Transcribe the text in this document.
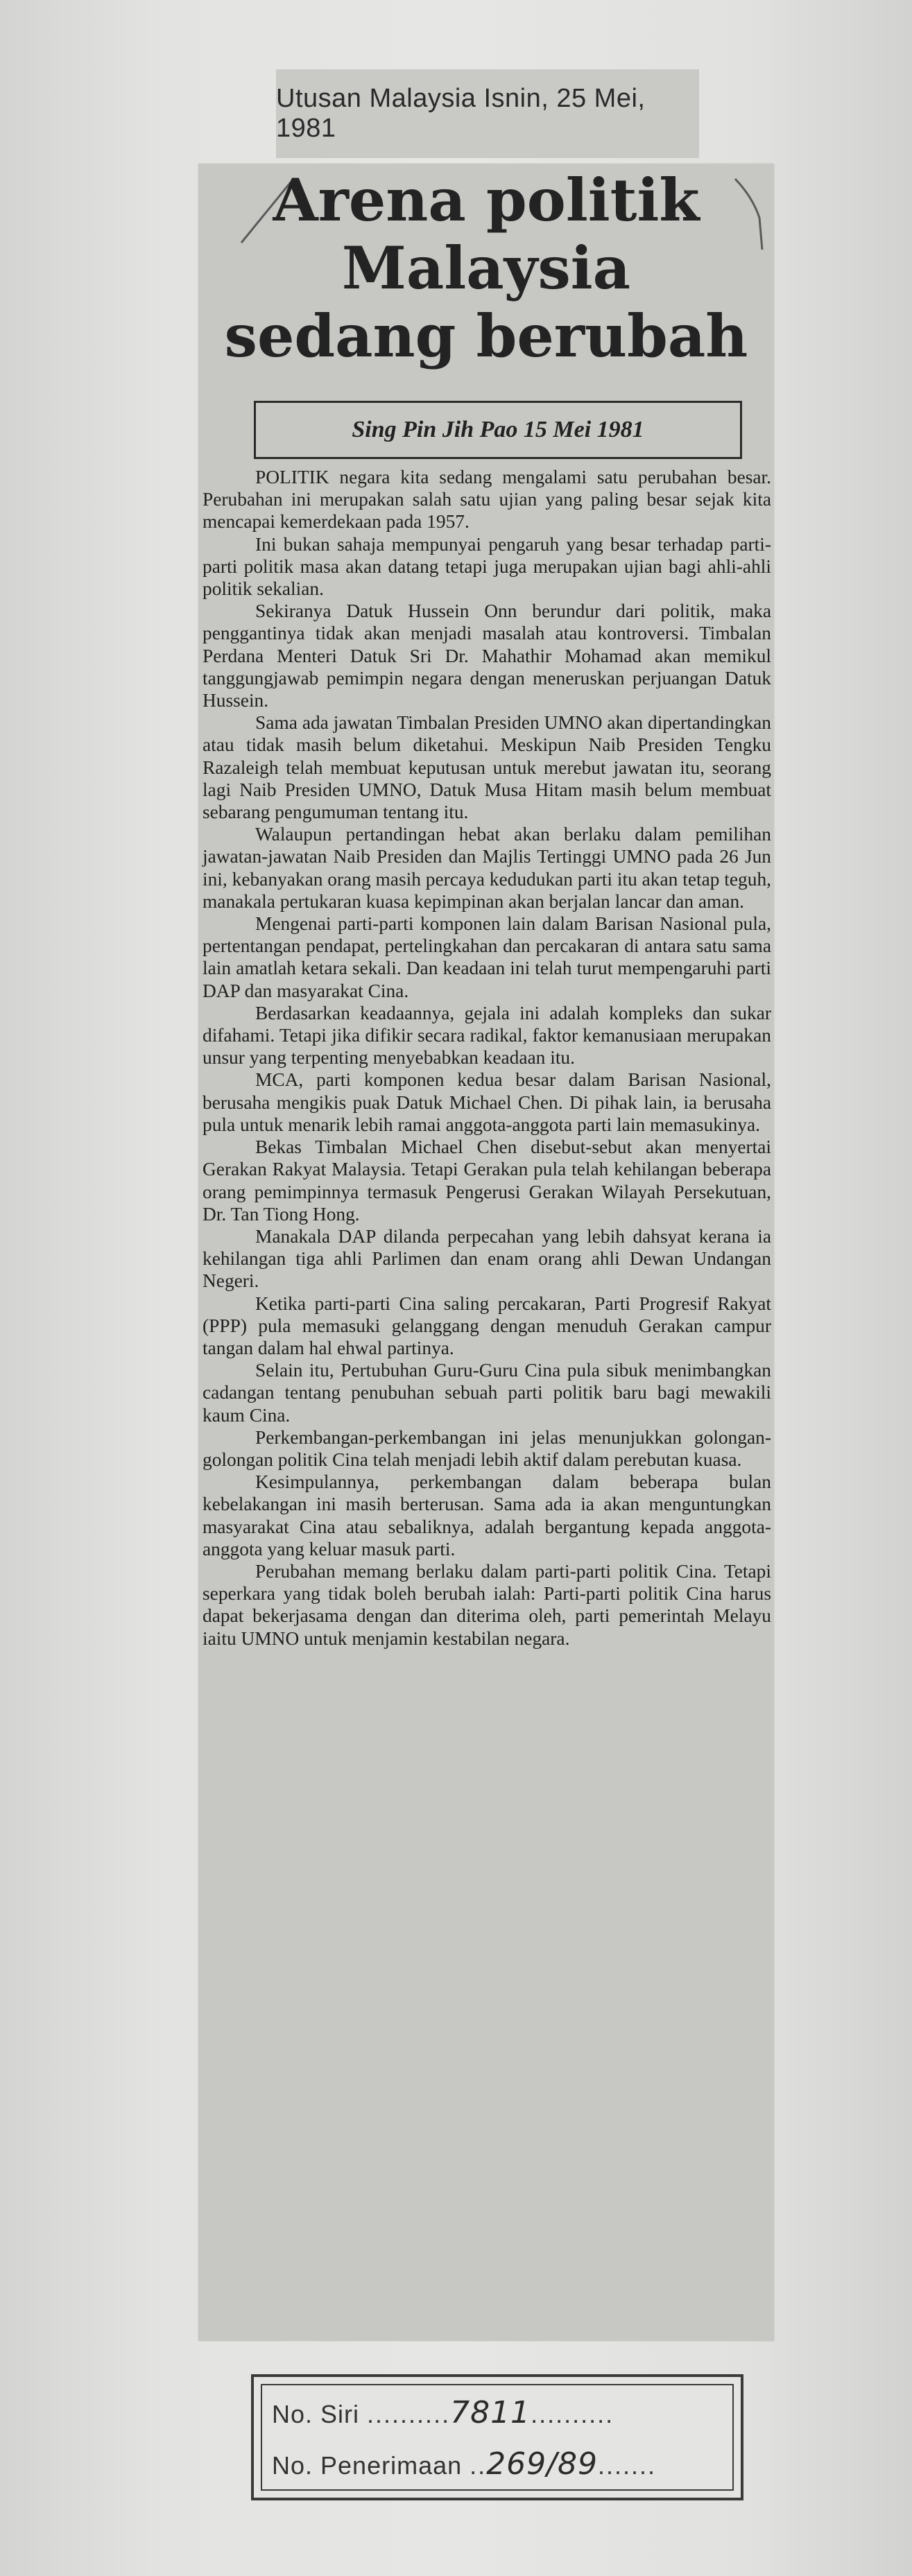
Utusan Malaysia Isnin, 25 Mei, 1981
Arena politik
Malaysia
sedang berubah
Sing Pin Jih Pao 15 Mei 1981

POLITIK negara kita sedang mengalami satu perubahan besar. Perubahan ini merupakan salah satu ujian yang paling besar sejak kita mencapai kemerdekaan pada 1957.

Ini bukan sahaja mempunyai pengaruh yang besar terhadap parti-parti politik masa akan datang tetapi juga merupakan ujian bagi ahli-ahli politik sekalian.

Sekiranya Datuk Hussein Onn berundur dari politik, maka penggantinya tidak akan menjadi masalah atau kontroversi. Timbalan Perdana Menteri Datuk Sri Dr. Mahathir Mohamad akan memikul tanggungjawab pemimpin negara dengan meneruskan perjuangan Datuk Hussein.

Sama ada jawatan Timbalan Presiden UMNO akan dipertandingkan atau tidak masih belum diketahui. Meskipun Naib Presiden Tengku Razaleigh telah membuat keputusan untuk merebut jawatan itu, seorang lagi Naib Presiden UMNO, Datuk Musa Hitam masih belum membuat sebarang pengumuman tentang itu.

Walaupun pertandingan hebat akan berlaku dalam pemilihan jawatan-jawatan Naib Presiden dan Majlis Tertinggi UMNO pada 26 Jun ini, kebanyakan orang masih percaya kedudukan parti itu akan tetap teguh, manakala pertukaran kuasa kepimpinan akan berjalan lancar dan aman.

Mengenai parti-parti komponen lain dalam Barisan Nasional pula, pertentangan pendapat, pertelingkahan dan percakaran di antara satu sama lain amatlah ketara sekali. Dan keadaan ini telah turut mempengaruhi parti DAP dan masyarakat Cina.

Berdasarkan keadaannya, gejala ini adalah kompleks dan sukar difahami. Tetapi jika difikir secara radikal, faktor kemanusiaan merupakan unsur yang terpenting menyebabkan keadaan itu.

MCA, parti komponen kedua besar dalam Barisan Nasional, berusaha mengikis puak Datuk Michael Chen. Di pihak lain, ia berusaha pula untuk menarik lebih ramai anggota-anggota parti lain memasukinya.

Bekas Timbalan Michael Chen disebut-sebut akan menyertai Gerakan Rakyat Malaysia. Tetapi Gerakan pula telah kehilangan beberapa orang pemimpinnya termasuk Pengerusi Gerakan Wilayah Persekutuan, Dr. Tan Tiong Hong.

Manakala DAP dilanda perpecahan yang lebih dahsyat kerana ia kehilangan tiga ahli Parlimen dan enam orang ahli Dewan Undangan Negeri.

Ketika parti-parti Cina saling percakaran, Parti Progresif Rakyat (PPP) pula memasuki gelanggang dengan menuduh Gerakan campur tangan dalam hal ehwal partinya.

Selain itu, Pertubuhan Guru-Guru Cina pula sibuk menimbangkan cadangan tentang penubuhan sebuah parti politik baru bagi mewakili kaum Cina.

Perkembangan-perkembangan ini jelas menunjukkan golongan-golongan politik Cina telah menjadi lebih aktif dalam perebutan kuasa.

Kesimpulannya, perkembangan dalam beberapa bulan kebelakangan ini masih berterusan. Sama ada ia akan menguntungkan masyarakat Cina atau sebaliknya, adalah bergantung kepada anggota-anggota yang keluar masuk parti.

Perubahan memang berlaku dalam parti-parti politik Cina. Tetapi seperkara yang tidak boleh berubah ialah: Parti-parti politik Cina harus dapat bekerjasama dengan dan diterima oleh, parti pemerintah Melayu iaitu UMNO untuk menjamin kestabilan negara.

No. Siri ..........7811..........
No. Penerimaan ..269/89.......
